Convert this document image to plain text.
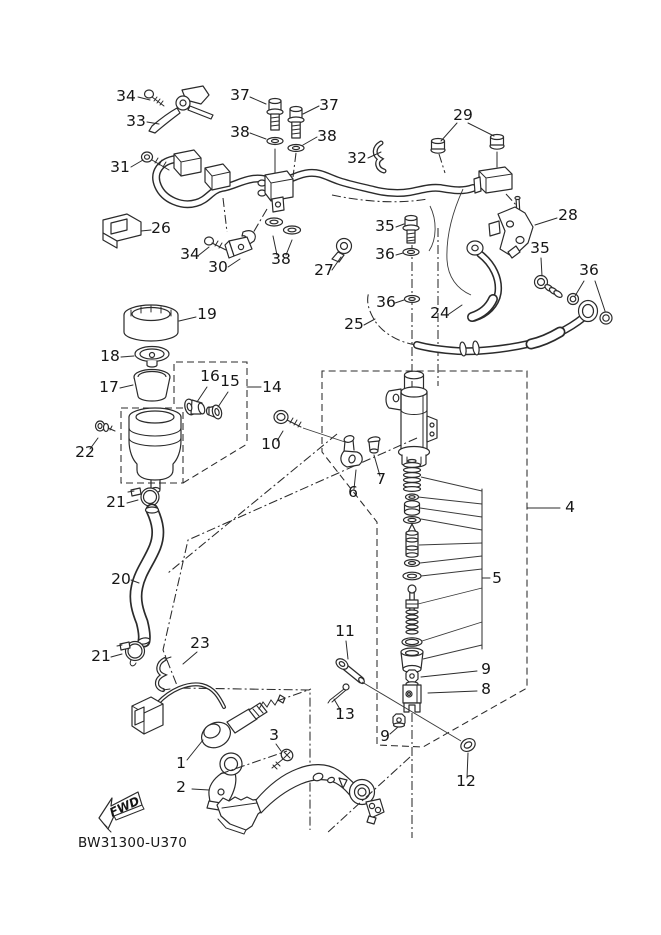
34
33
37
37
38	38
31
29
32
26
34
30	38
27
35
36
28
35
36
24
36
25
19
18
17
16 15 14
22	10
21
20
21
23
6
7
4
5
11
13
9
8
9
12
1
2
3
FWD
BW31300-U370
